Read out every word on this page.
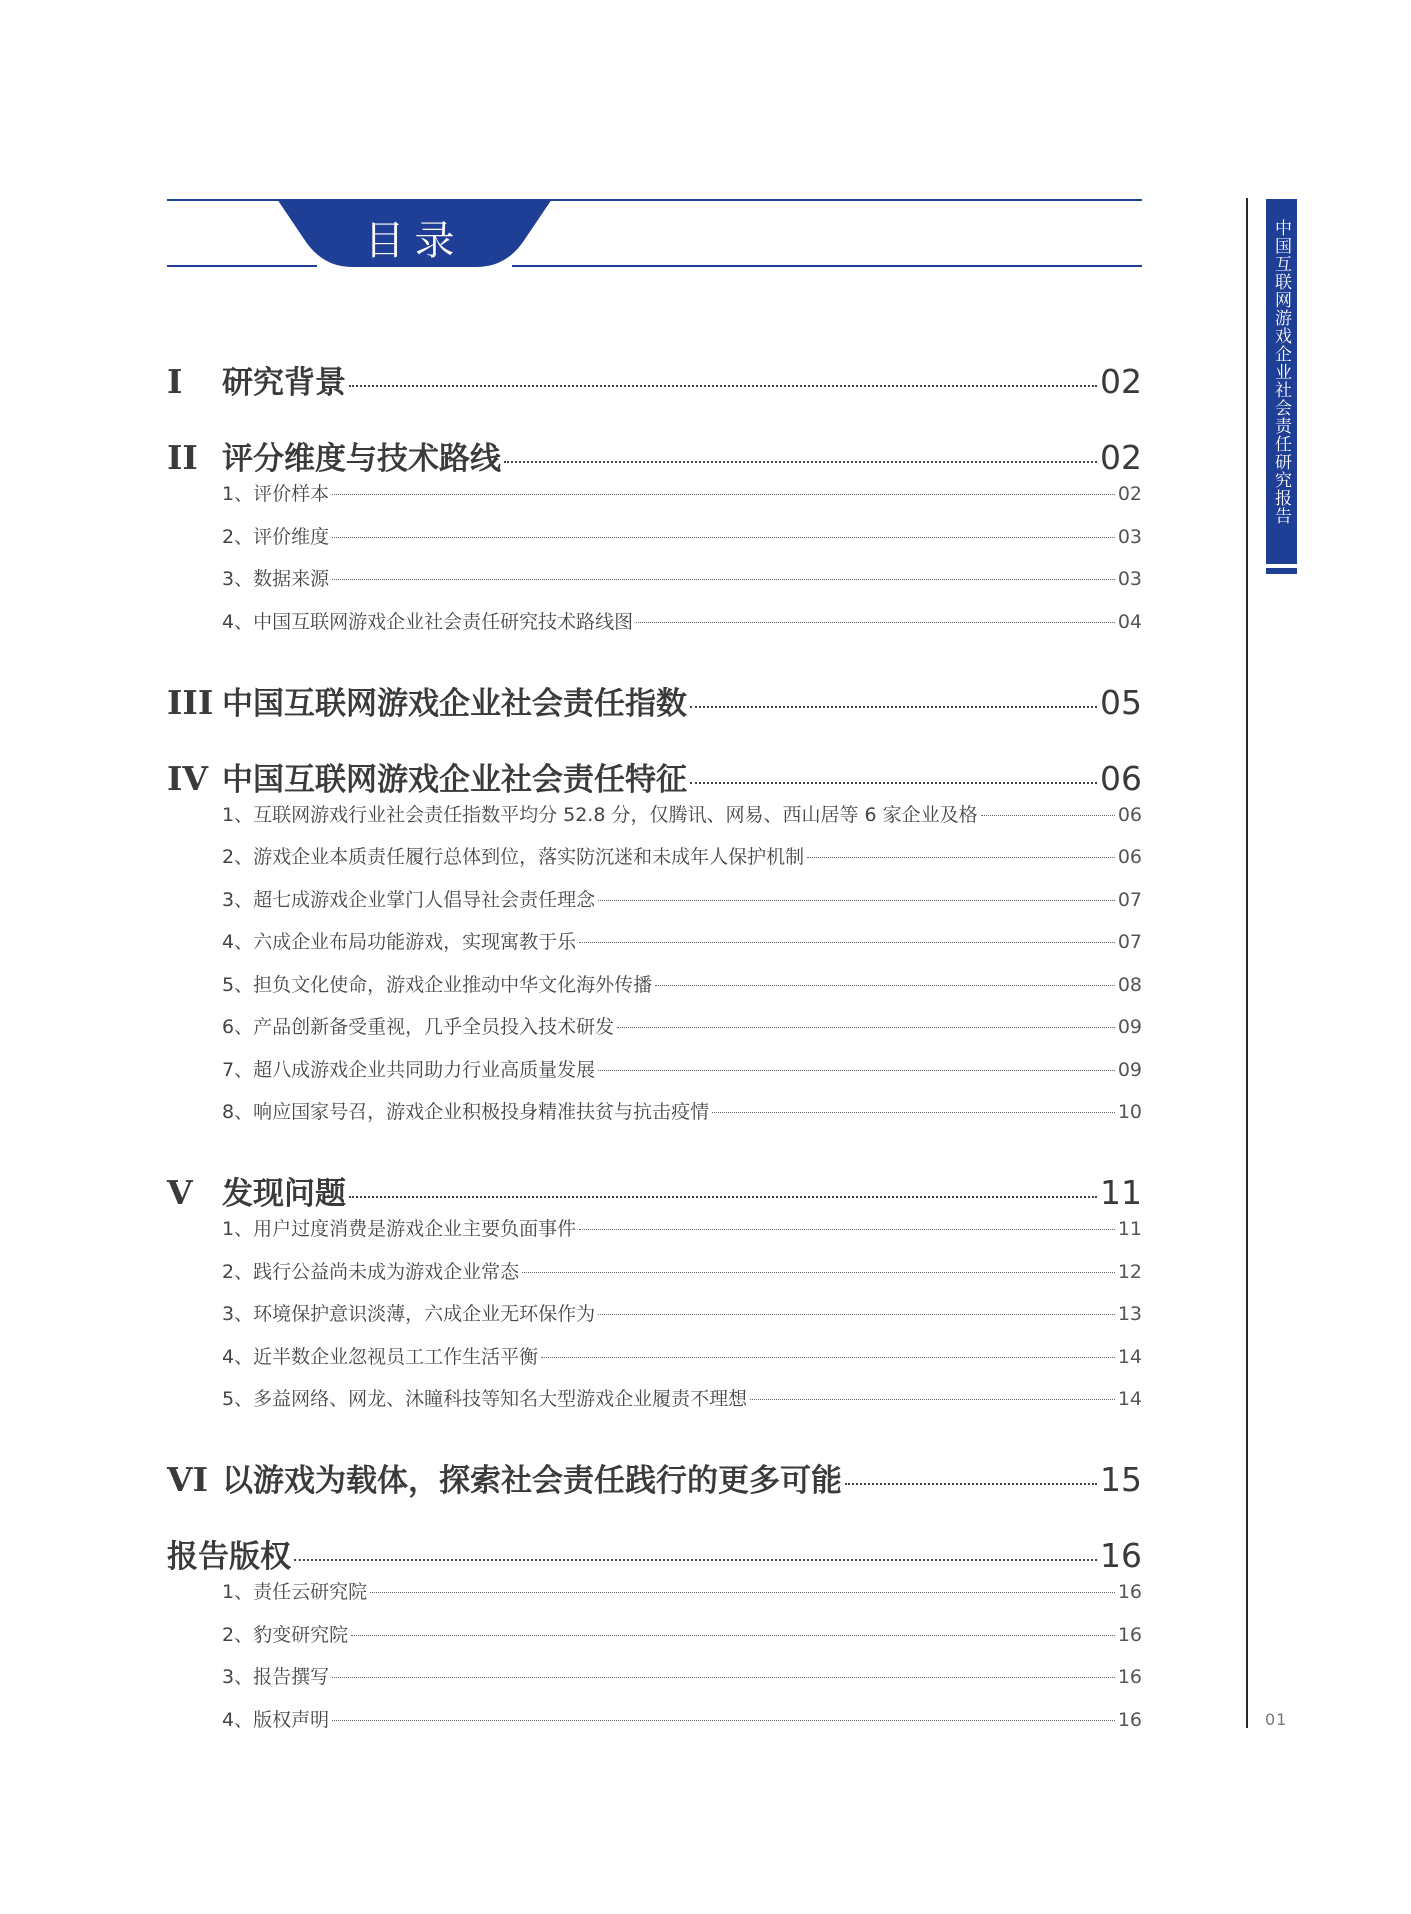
目录
I	研究背景	02
II 评分维度与技术路线	02
1、评价样本	02
2、评价维度	03
3、数据来源	03
4、中国互联网游戏企业社会责任研究技术路线图	04
III 中国互联网游戏企业社会责任指数	05
IV 中国互联网游戏企业社会责任特征	06
1、互联网游戏行业社会责任指数平均分 52.8 分，仅腾讯、网易、西山居等 6 家企业及格	06
2、游戏企业本质责任履行总体到位，落实防沉迷和未成年人保护机制	06
3、超七成游戏企业掌门人倡导社会责任理念	07
4、六成企业布局功能游戏，实现寓教于乐	07
5、担负文化使命，游戏企业推动中华文化海外传播	08
6、产品创新备受重视，几乎全员投入技术研发	09
7、超八成游戏企业共同助力行业高质量发展	09
8、响应国家号召，游戏企业积极投身精准扶贫与抗击疫情	10
V 发现问题	11
1、用户过度消费是游戏企业主要负面事件	11
2、践行公益尚未成为游戏企业常态	12
3、环境保护意识淡薄，六成企业无环保作为	13
4、近半数企业忽视员工工作生活平衡	14
5、多益网络、网龙、沐瞳科技等知名大型游戏企业履责不理想	14
VI 以游戏为载体，探索社会责任践行的更多可能	15
报告版权	16
1、责任云研究院	16
2、豹变研究院	16
3、报告撰写	16
4、版权声明	16
中国互联网游戏企业社会责任研究报告
01
